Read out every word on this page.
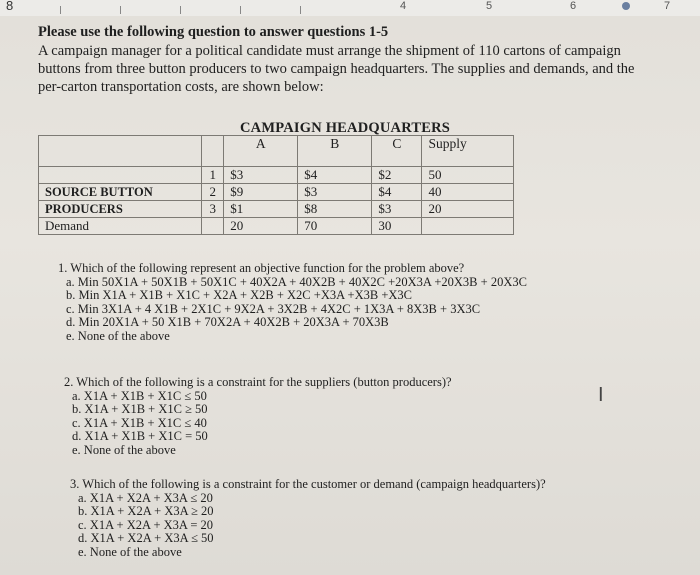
8	4	5	6	7
Please use the following question to answer questions 1-5
A campaign manager for a political candidate must arrange the shipment of 110 cartons of campaign buttons from three button producers to two campaign headquarters. The supplies and demands, and the per-carton transportation costs, are shown below:
CAMPAIGN HEADQUARTERS
		A	B	C	Supply
	1	$3	$4	$2	50
SOURCE BUTTON	2	$9	$3	$4	40
PRODUCERS	3	$1	$8	$3	20
Demand		20	70	30	
1. Which of the following represent an objective function for the problem above?
a. Min 50X1A + 50X1B + 50X1C + 40X2A + 40X2B + 40X2C +20X3A +20X3B + 20X3C
b. Min X1A + X1B + X1C + X2A + X2B + X2C +X3A +X3B +X3C
c. Min 3X1A + 4 X1B + 2X1C + 9X2A + 3X2B + 4X2C + 1X3A + 8X3B + 3X3C
d. Min 20X1A + 50 X1B + 70X2A + 40X2B + 20X3A + 70X3B
e. None of the above
2. Which of the following is a constraint for the suppliers (button producers)?
a. X1A + X1B + X1C ≤ 50
b. X1A + X1B + X1C ≥ 50
c. X1A + X1B + X1C ≤ 40
d. X1A + X1B + X1C = 50
e. None of the above
3. Which of the following is a constraint for the customer or demand (campaign headquarters)?
a. X1A + X2A + X3A ≤ 20
b. X1A + X2A + X3A ≥ 20
c. X1A + X2A + X3A = 20
d. X1A + X2A + X3A ≤ 50
e. None of the above
I
